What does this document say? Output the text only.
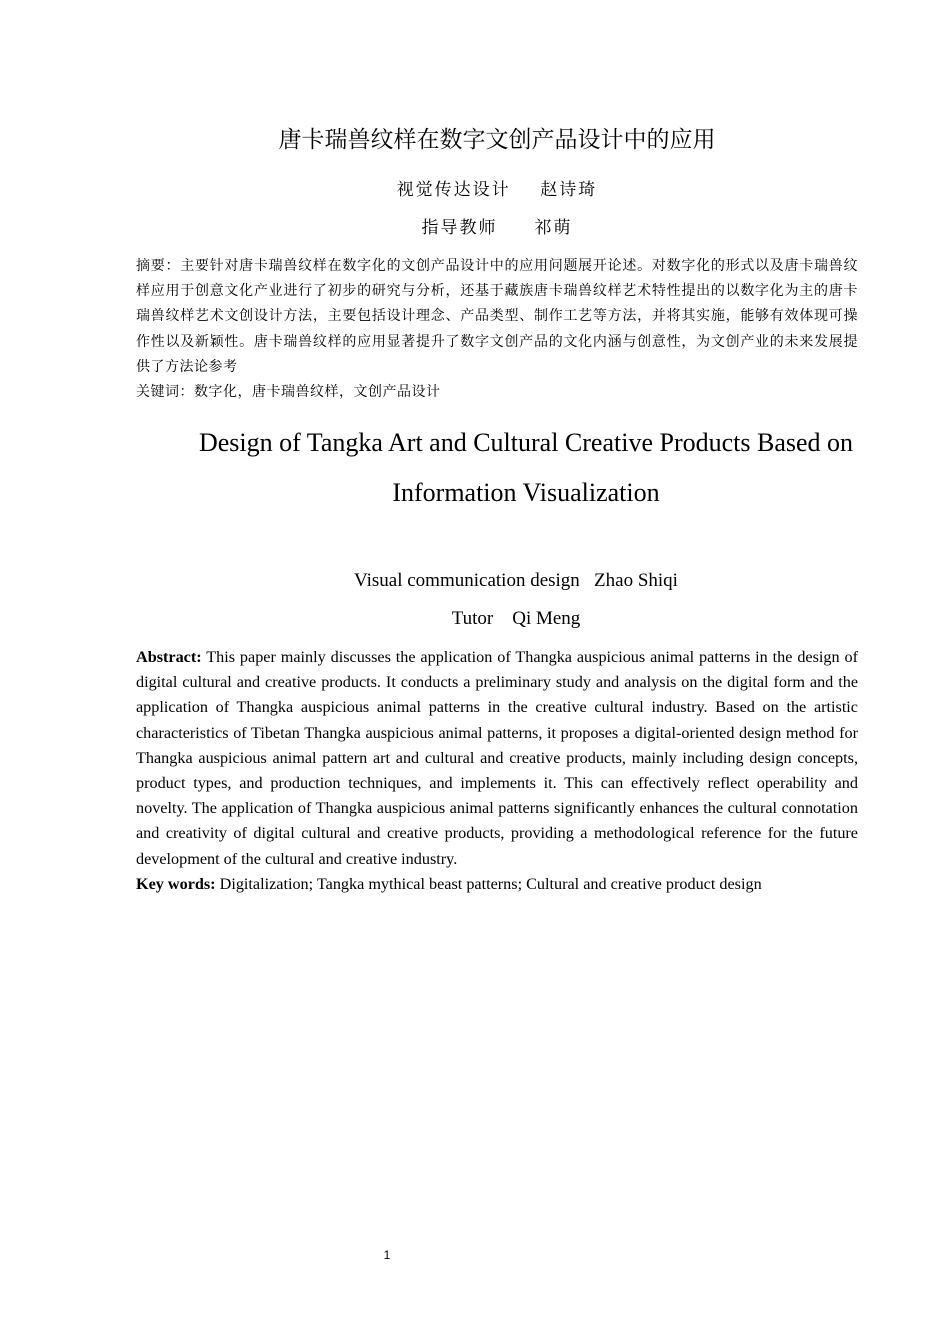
唐卡瑞兽纹样在数字文创产品设计中的应用
视觉传达设计    赵诗琦
指导教师     祁萌

摘要：主要针对唐卡瑞兽纹样在数字化的文创产品设计中的应用问题展开论述。对数字化的形式以及唐卡瑞兽纹样应用于创意文化产业进行了初步的研究与分析，还基于藏族唐卡瑞兽纹样艺术特性提出的以数字化为主的唐卡瑞兽纹样艺术文创设计方法，主要包括设计理念、产品类型、制作工艺等方法，并将其实施，能够有效体现可操作性以及新颖性。唐卡瑞兽纹样的应用显著提升了数字文创产品的文化内涵与创意性，为文创产业的未来发展提供了方法论参考

关键词：数字化，唐卡瑞兽纹样，文创产品设计

Design of Tangka Art and Cultural Creative Products Based on
Information Visualization
Visual communication design   Zhao Shiqi
Tutor    Qi Meng

Abstract: This paper mainly discusses the application of Thangka auspicious animal patterns in the design of digital cultural and creative products. It conducts a preliminary study and analysis on the digital form and the application of Thangka auspicious animal patterns in the creative cultural industry. Based on the artistic characteristics of Tibetan Thangka auspicious animal patterns, it proposes a digital-oriented design method for Thangka auspicious animal pattern art and cultural and creative products, mainly including design concepts, product types, and production techniques, and implements it. This can effectively reflect operability and novelty. The application of Thangka auspicious animal patterns significantly enhances the cultural connotation and creativity of digital cultural and creative products, providing a methodological reference for the future development of the cultural and creative industry.

Key words: Digitalization; Tangka mythical beast patterns; Cultural and creative product design

1
